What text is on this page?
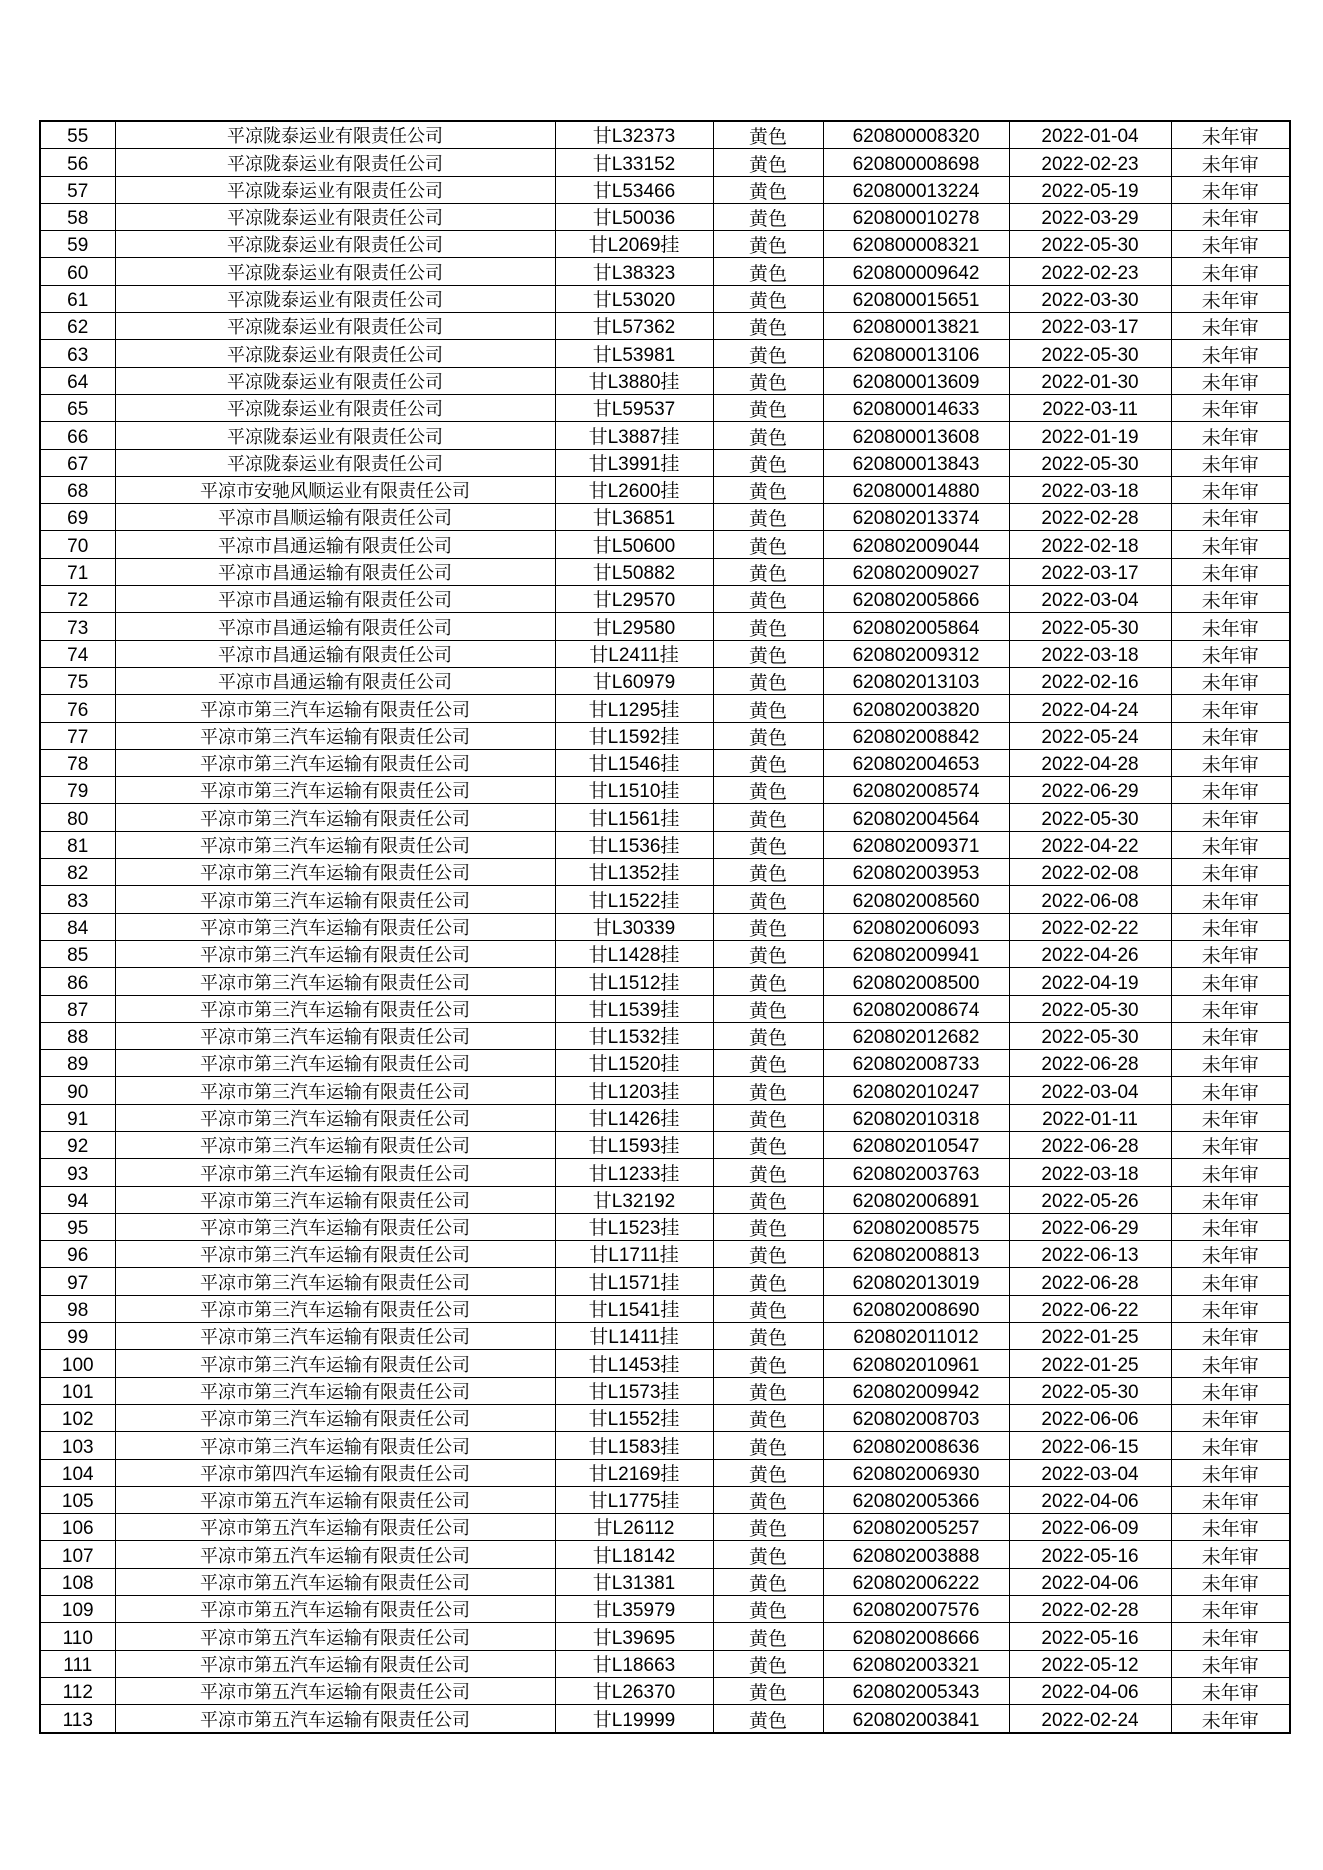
55	平凉陇泰运业有限责任公司	甘L32373	黄色	620800008320	2022-01-04	未年审
56	平凉陇泰运业有限责任公司	甘L33152	黄色	620800008698	2022-02-23	未年审
57	平凉陇泰运业有限责任公司	甘L53466	黄色	620800013224	2022-05-19	未年审
58	平凉陇泰运业有限责任公司	甘L50036	黄色	620800010278	2022-03-29	未年审
59	平凉陇泰运业有限责任公司	甘L2069挂	黄色	620800008321	2022-05-30	未年审
60	平凉陇泰运业有限责任公司	甘L38323	黄色	620800009642	2022-02-23	未年审
61	平凉陇泰运业有限责任公司	甘L53020	黄色	620800015651	2022-03-30	未年审
62	平凉陇泰运业有限责任公司	甘L57362	黄色	620800013821	2022-03-17	未年审
63	平凉陇泰运业有限责任公司	甘L53981	黄色	620800013106	2022-05-30	未年审
64	平凉陇泰运业有限责任公司	甘L3880挂	黄色	620800013609	2022-01-30	未年审
65	平凉陇泰运业有限责任公司	甘L59537	黄色	620800014633	2022-03-11	未年审
66	平凉陇泰运业有限责任公司	甘L3887挂	黄色	620800013608	2022-01-19	未年审
67	平凉陇泰运业有限责任公司	甘L3991挂	黄色	620800013843	2022-05-30	未年审
68	平凉市安驰风顺运业有限责任公司	甘L2600挂	黄色	620800014880	2022-03-18	未年审
69	平凉市昌顺运输有限责任公司	甘L36851	黄色	620802013374	2022-02-28	未年审
70	平凉市昌通运输有限责任公司	甘L50600	黄色	620802009044	2022-02-18	未年审
71	平凉市昌通运输有限责任公司	甘L50882	黄色	620802009027	2022-03-17	未年审
72	平凉市昌通运输有限责任公司	甘L29570	黄色	620802005866	2022-03-04	未年审
73	平凉市昌通运输有限责任公司	甘L29580	黄色	620802005864	2022-05-30	未年审
74	平凉市昌通运输有限责任公司	甘L2411挂	黄色	620802009312	2022-03-18	未年审
75	平凉市昌通运输有限责任公司	甘L60979	黄色	620802013103	2022-02-16	未年审
76	平凉市第三汽车运输有限责任公司	甘L1295挂	黄色	620802003820	2022-04-24	未年审
77	平凉市第三汽车运输有限责任公司	甘L1592挂	黄色	620802008842	2022-05-24	未年审
78	平凉市第三汽车运输有限责任公司	甘L1546挂	黄色	620802004653	2022-04-28	未年审
79	平凉市第三汽车运输有限责任公司	甘L1510挂	黄色	620802008574	2022-06-29	未年审
80	平凉市第三汽车运输有限责任公司	甘L1561挂	黄色	620802004564	2022-05-30	未年审
81	平凉市第三汽车运输有限责任公司	甘L1536挂	黄色	620802009371	2022-04-22	未年审
82	平凉市第三汽车运输有限责任公司	甘L1352挂	黄色	620802003953	2022-02-08	未年审
83	平凉市第三汽车运输有限责任公司	甘L1522挂	黄色	620802008560	2022-06-08	未年审
84	平凉市第三汽车运输有限责任公司	甘L30339	黄色	620802006093	2022-02-22	未年审
85	平凉市第三汽车运输有限责任公司	甘L1428挂	黄色	620802009941	2022-04-26	未年审
86	平凉市第三汽车运输有限责任公司	甘L1512挂	黄色	620802008500	2022-04-19	未年审
87	平凉市第三汽车运输有限责任公司	甘L1539挂	黄色	620802008674	2022-05-30	未年审
88	平凉市第三汽车运输有限责任公司	甘L1532挂	黄色	620802012682	2022-05-30	未年审
89	平凉市第三汽车运输有限责任公司	甘L1520挂	黄色	620802008733	2022-06-28	未年审
90	平凉市第三汽车运输有限责任公司	甘L1203挂	黄色	620802010247	2022-03-04	未年审
91	平凉市第三汽车运输有限责任公司	甘L1426挂	黄色	620802010318	2022-01-11	未年审
92	平凉市第三汽车运输有限责任公司	甘L1593挂	黄色	620802010547	2022-06-28	未年审
93	平凉市第三汽车运输有限责任公司	甘L1233挂	黄色	620802003763	2022-03-18	未年审
94	平凉市第三汽车运输有限责任公司	甘L32192	黄色	620802006891	2022-05-26	未年审
95	平凉市第三汽车运输有限责任公司	甘L1523挂	黄色	620802008575	2022-06-29	未年审
96	平凉市第三汽车运输有限责任公司	甘L1711挂	黄色	620802008813	2022-06-13	未年审
97	平凉市第三汽车运输有限责任公司	甘L1571挂	黄色	620802013019	2022-06-28	未年审
98	平凉市第三汽车运输有限责任公司	甘L1541挂	黄色	620802008690	2022-06-22	未年审
99	平凉市第三汽车运输有限责任公司	甘L1411挂	黄色	620802011012	2022-01-25	未年审
100	平凉市第三汽车运输有限责任公司	甘L1453挂	黄色	620802010961	2022-01-25	未年审
101	平凉市第三汽车运输有限责任公司	甘L1573挂	黄色	620802009942	2022-05-30	未年审
102	平凉市第三汽车运输有限责任公司	甘L1552挂	黄色	620802008703	2022-06-06	未年审
103	平凉市第三汽车运输有限责任公司	甘L1583挂	黄色	620802008636	2022-06-15	未年审
104	平凉市第四汽车运输有限责任公司	甘L2169挂	黄色	620802006930	2022-03-04	未年审
105	平凉市第五汽车运输有限责任公司	甘L1775挂	黄色	620802005366	2022-04-06	未年审
106	平凉市第五汽车运输有限责任公司	甘L26112	黄色	620802005257	2022-06-09	未年审
107	平凉市第五汽车运输有限责任公司	甘L18142	黄色	620802003888	2022-05-16	未年审
108	平凉市第五汽车运输有限责任公司	甘L31381	黄色	620802006222	2022-04-06	未年审
109	平凉市第五汽车运输有限责任公司	甘L35979	黄色	620802007576	2022-02-28	未年审
110	平凉市第五汽车运输有限责任公司	甘L39695	黄色	620802008666	2022-05-16	未年审
111	平凉市第五汽车运输有限责任公司	甘L18663	黄色	620802003321	2022-05-12	未年审
112	平凉市第五汽车运输有限责任公司	甘L26370	黄色	620802005343	2022-04-06	未年审
113	平凉市第五汽车运输有限责任公司	甘L19999	黄色	620802003841	2022-02-24	未年审
